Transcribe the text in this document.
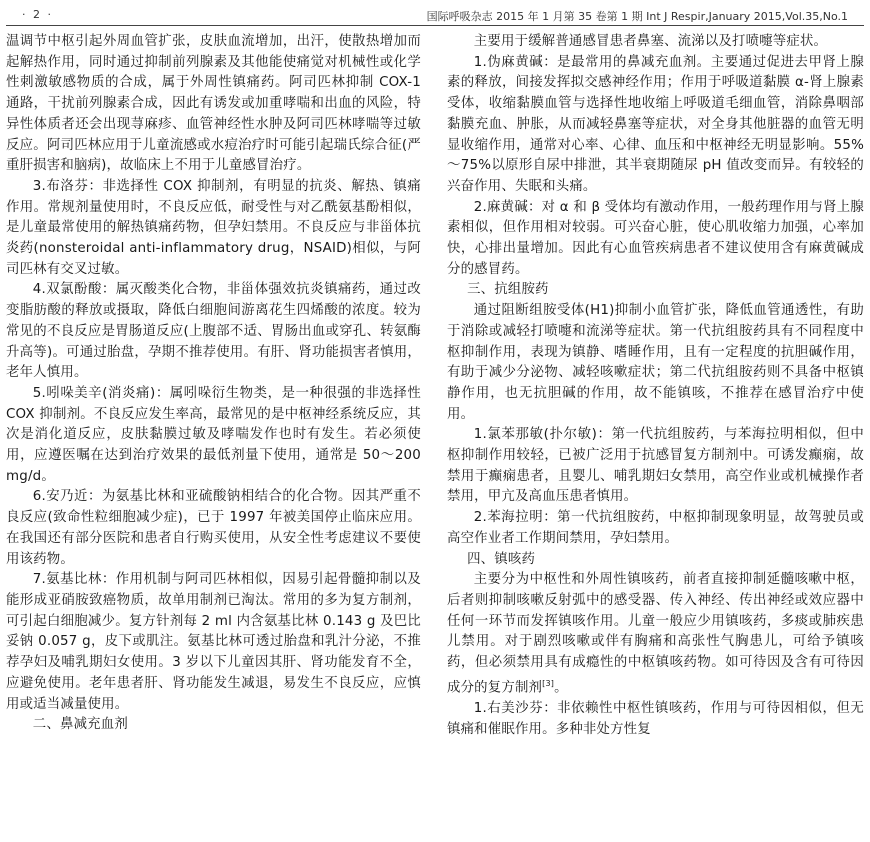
· 2 ·	国际呼吸杂志 2015 年 1 月第 35 卷第 1 期 Int J Respir,January 2015,Vol.35,No.1

温调节中枢引起外周血管扩张，皮肤血流增加，出汗，使散热增加而起解热作用，同时通过抑制前列腺素及其他能使痛觉对机械性或化学性刺激敏感物质的合成，属于外周性镇痛药。阿司匹林抑制 COX-1 通路，干扰前列腺素合成，因此有诱发或加重哮喘和出血的风险，特异性体质者还会出现荨麻疹、血管神经性水肿及阿司匹林哮喘等过敏反应。阿司匹林应用于儿童流感或水痘治疗时可能引起瑞氏综合征(严重肝损害和脑病)，故临床上不用于儿童感冒治疗。

3.布洛芬：非选择性 COX 抑制剂，有明显的抗炎、解热、镇痛作用。常规剂量使用时，不良反应低，耐受性与对乙酰氨基酚相似，是儿童最常使用的解热镇痛药物，但孕妇禁用。不良反应与非甾体抗炎药(nonsteroidal anti-inflammatory drug，NSAID)相似，与阿司匹林有交叉过敏。

4.双氯酚酸：属灭酸类化合物，非甾体强效抗炎镇痛药，通过改变脂肪酸的释放或摄取，降低白细胞间游离花生四烯酸的浓度。较为常见的不良反应是胃肠道反应(上腹部不适、胃肠出血或穿孔、转氨酶升高等)。可通过胎盘，孕期不推荐使用。有肝、肾功能损害者慎用，老年人慎用。

5.吲哚美辛(消炎痛)：属吲哚衍生物类，是一种很强的非选择性 COX 抑制剂。不良反应发生率高，最常见的是中枢神经系统反应，其次是消化道反应，皮肤黏膜过敏及哮喘发作也时有发生。若必须使用，应遵医嘱在达到治疗效果的最低剂量下使用，通常是 50～200 mg/d。

6.安乃近：为氨基比林和亚硫酸钠相结合的化合物。因其严重不良反应(致命性粒细胞减少症)，已于 1997 年被美国停止临床应用。在我国还有部分医院和患者自行购买使用，从安全性考虑建议不要使用该药物。

7.氨基比林：作用机制与阿司匹林相似，因易引起骨髓抑制以及能形成亚硝胺致癌物质，故单用制剂已淘汰。常用的多为复方制剂，可引起白细胞减少。复方针剂每 2 ml 内含氨基比林 0.143 g 及巴比妥钠 0.057 g，皮下或肌注。氨基比林可透过胎盘和乳汁分泌，不推荐孕妇及哺乳期妇女使用。3 岁以下儿童因其肝、肾功能发育不全，应避免使用。老年患者肝、肾功能发生减退，易发生不良反应，应慎用或适当减量使用。

二、鼻减充血剂

主要用于缓解普通感冒患者鼻塞、流涕以及打喷嚏等症状。

1.伪麻黄碱：是最常用的鼻减充血剂。主要通过促进去甲肾上腺素的释放，间接发挥拟交感神经作用；作用于呼吸道黏膜 α-肾上腺素受体，收缩黏膜血管与选择性地收缩上呼吸道毛细血管，消除鼻咽部黏膜充血、肿胀，从而减轻鼻塞等症状，对全身其他脏器的血管无明显收缩作用，通常对心率、心律、血压和中枢神经无明显影响。55%～75%以原形自尿中排泄，其半衰期随尿 pH 值改变而异。有较轻的兴奋作用、失眠和头痛。

2.麻黄碱：对 α 和 β 受体均有激动作用，一般药理作用与肾上腺素相似，但作用相对较弱。可兴奋心脏，使心肌收缩力加强，心率加快，心排出量增加。因此有心血管疾病患者不建议使用含有麻黄碱成分的感冒药。

三、抗组胺药

通过阻断组胺受体(H1)抑制小血管扩张，降低血管通透性，有助于消除或减轻打喷嚏和流涕等症状。第一代抗组胺药具有不同程度中枢抑制作用，表现为镇静、嗜睡作用，且有一定程度的抗胆碱作用，有助于减少分泌物、减轻咳嗽症状；第二代抗组胺药则不具备中枢镇静作用，也无抗胆碱的作用，故不能镇咳，不推荐在感冒治疗中使用。

1.氯苯那敏(扑尔敏)：第一代抗组胺药，与苯海拉明相似，但中枢抑制作用较轻，已被广泛用于抗感冒复方制剂中。可诱发癫痫，故禁用于癫痫患者，且婴儿、哺乳期妇女禁用，高空作业或机械操作者禁用，甲亢及高血压患者慎用。

2.苯海拉明：第一代抗组胺药，中枢抑制现象明显，故驾驶员或高空作业者工作期间禁用，孕妇禁用。

四、镇咳药

主要分为中枢性和外周性镇咳药，前者直接抑制延髓咳嗽中枢，后者则抑制咳嗽反射弧中的感受器、传入神经、传出神经或效应器中任何一环节而发挥镇咳作用。儿童一般应少用镇咳药，多痰或肺疾患儿禁用。对于剧烈咳嗽或伴有胸痛和高张性气胸患儿，可给予镇咳药，但必须禁用具有成瘾性的中枢镇咳药物。如可待因及含有可待因成分的复方制剂[3]。

1.右美沙芬：非依赖性中枢性镇咳药，作用与可待因相似，但无镇痛和催眠作用。多种非处方性复
